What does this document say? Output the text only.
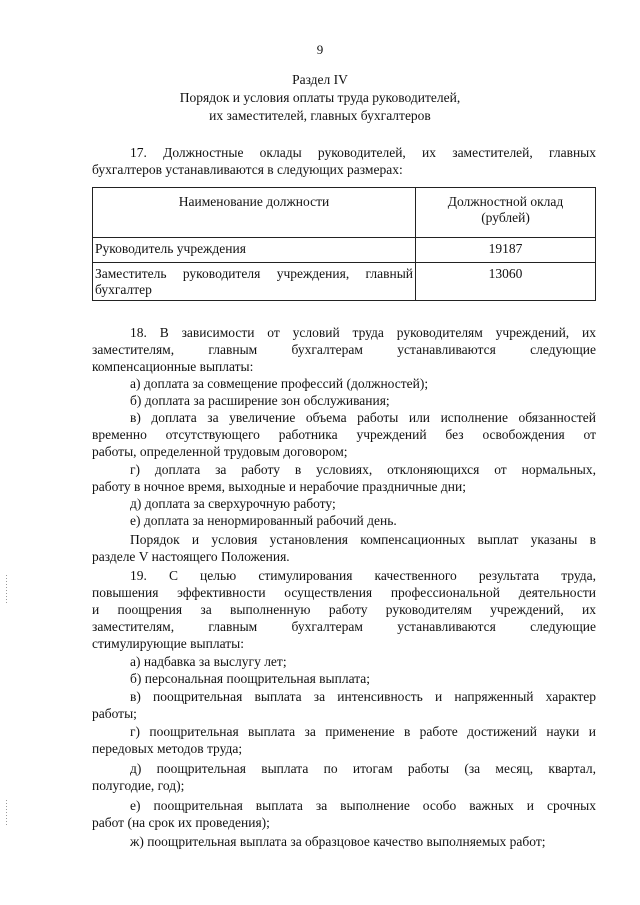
9
Раздел IV
Порядок и условия оплаты труда руководителей,
их заместителей, главных бухгалтеров
17. Должностные оклады руководителей, их заместителей, главных
бухгалтеров устанавливаются в следующих размерах:
Наименование должности	Должностной оклад
(рублей)

Руководитель учреждения	19187

Заместитель руководителя учреждения, главный
бухгалтер	13060
18. В зависимости от условий труда руководителям учреждений, их
заместителям, главным бухгалтерам устанавливаются следующие
компенсационные выплаты:
а) доплата за совмещение профессий (должностей);
б) доплата за расширение зон обслуживания;
в) доплата за увеличение объема работы или исполнение обязанностей
временно отсутствующего работника учреждений без освобождения от
работы, определенной трудовым договором;
г) доплата за работу в условиях, отклоняющихся от нормальных,
работу в ночное время, выходные и нерабочие праздничные дни;
д) доплата за сверхурочную работу;
е) доплата за ненормированный рабочий день.
Порядок и условия установления компенсационных выплат указаны в
разделе V настоящего Положения.
19. С целью стимулирования качественного результата труда,
повышения эффективности осуществления профессиональной деятельности
и поощрения за выполненную работу руководителям учреждений, их
заместителям, главным бухгалтерам устанавливаются следующие
стимулирующие выплаты:
а) надбавка за выслугу лет;
б) персональная поощрительная выплата;
в) поощрительная выплата за интенсивность и напряженный характер
работы;
г) поощрительная выплата за применение в работе достижений науки и
передовых методов труда;
д) поощрительная выплата по итогам работы (за месяц, квартал,
полугодие, год);
е) поощрительная выплата за выполнение особо важных и срочных
работ (на срок их проведения);
ж) поощрительная выплата за образцовое качество выполняемых работ;
